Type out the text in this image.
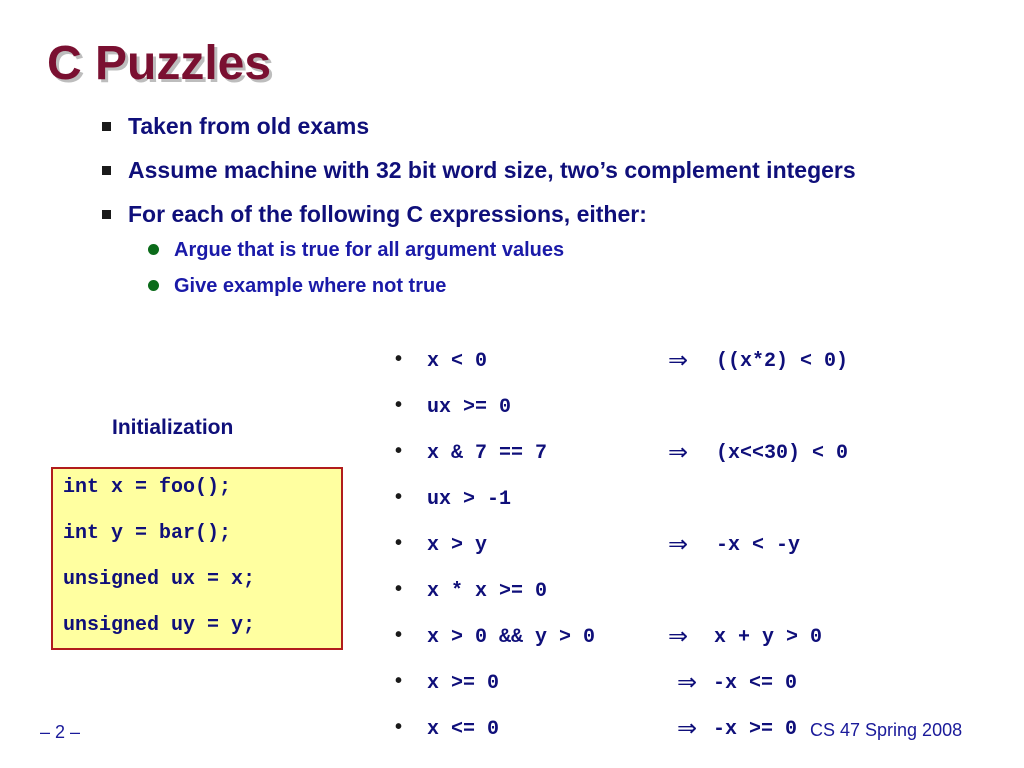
C Puzzles
Taken from old exams
Assume machine with 32 bit word size, two’s complement integers
For each of the following C expressions, either:
Argue that is true for all argument values
Give example where not true
Initialization
int x = foo();
int y = bar();
unsigned ux = x;
unsigned uy = y;
• x < 0	⇒ ((x*2) < 0)
• ux >= 0
• x & 7 == 7	⇒ (x<<30) < 0
• ux > -1
• x > y	⇒ -x < -y
• x * x >= 0
• x > 0 && y > 0	⇒ x + y > 0
• x >= 0	⇒ -x <= 0
• x <= 0	⇒ -x >= 0
– 2 –	CS 47 Spring 2008
